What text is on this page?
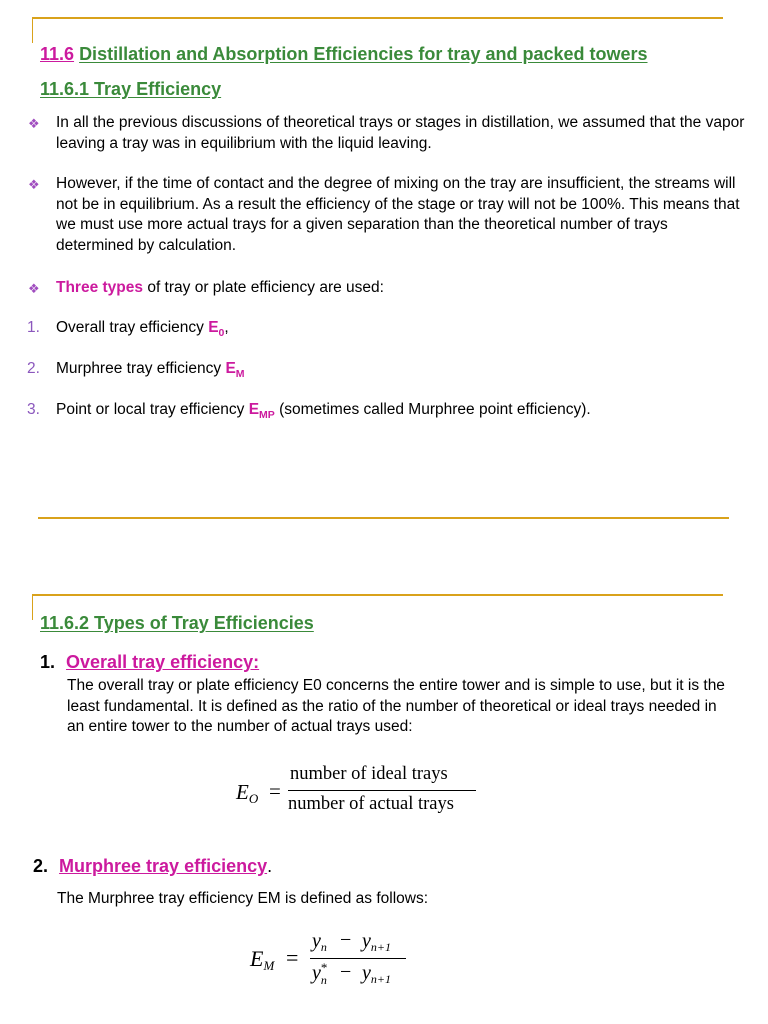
11.6 Distillation and Absorption Efficiencies for tray and packed towers
11.6.1 Tray Efficiency
❖ In all the previous discussions of theoretical trays or stages in distillation, we assumed that the vapor leaving a tray was in equilibrium with the liquid leaving.
❖ However, if the time of contact and the degree of mixing on the tray are insufficient, the streams will not be in equilibrium. As a result the efficiency of the stage or tray will not be 100%. This means that we must use more actual trays for a given separation than the theoretical number of trays determined by calculation.
❖ Three types of tray or plate efficiency are used:
1. Overall tray efficiency $E_0$,
2. Murphree tray efficiency $E_M$
3. Point or local tray efficiency $E_{MP}$ (sometimes called Murphree point efficiency).
11.6.2 Types of Tray Efficiencies
1. Overall tray efficiency:
The overall tray or plate efficiency E0 concerns the entire tower and is simple to use, but it is the least fundamental. It is defined as the ratio of the number of theoretical or ideal trays needed in an entire tower to the number of actual trays used:
EO =
number of ideal trays
number of actual trays
2. Murphree tray efficiency.
The Murphree tray efficiency EM is defined as follows:
EM =
$y_n - y_{n+1}$
y *
$n - y_{n+1}$
